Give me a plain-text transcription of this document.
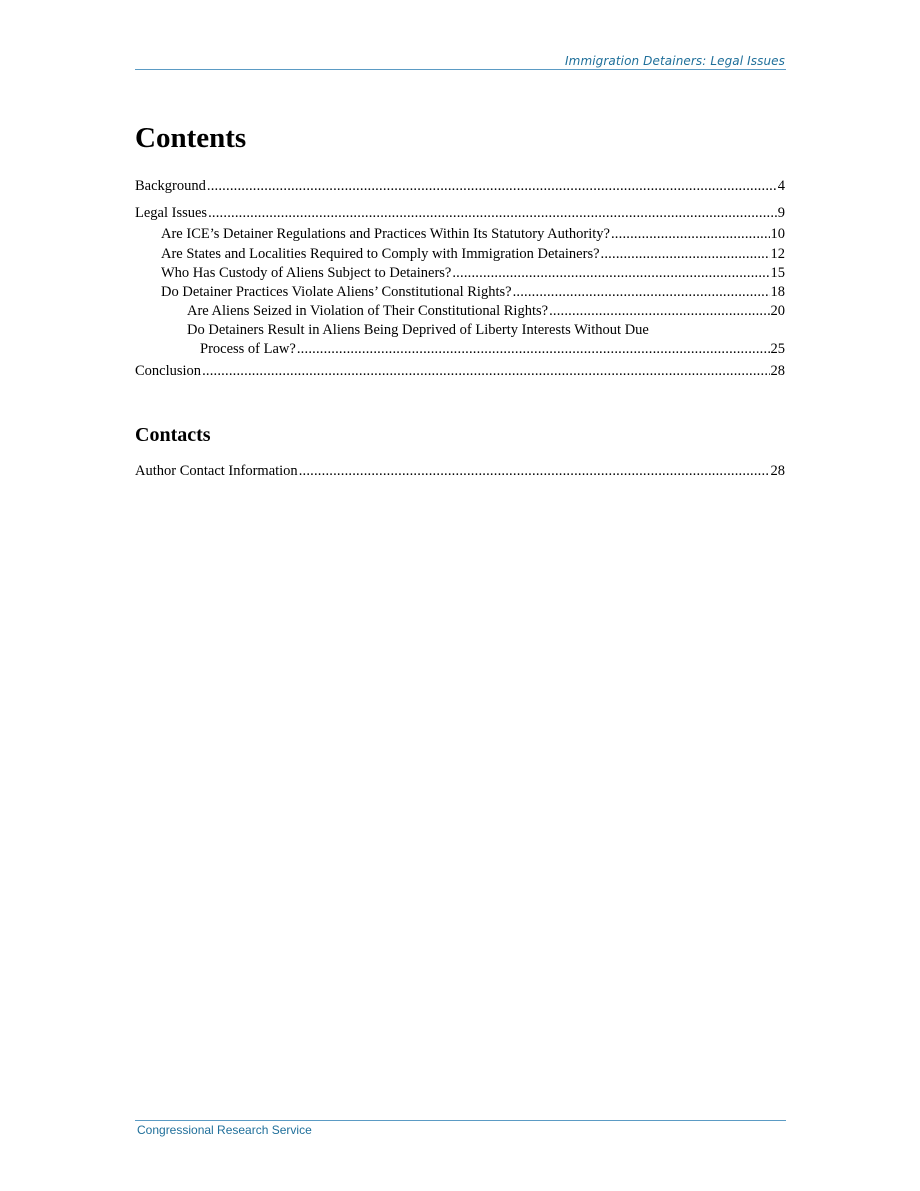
Immigration Detainers: Legal Issues
Contents
Background .....	4
Legal Issues .....	9
Are ICE’s Detainer Regulations and Practices Within Its Statutory Authority? .....	10
Are States and Localities Required to Comply with Immigration Detainers? .....	12
Who Has Custody of Aliens Subject to Detainers? .....	15
Do Detainer Practices Violate Aliens’ Constitutional Rights? .....	18
Are Aliens Seized in Violation of Their Constitutional Rights? .....	20
Do Detainers Result in Aliens Being Deprived of Liberty Interests Without Due
Process of Law? .....	25
Conclusion .....	28
Contacts
Author Contact Information .....	28
Congressional Research Service
